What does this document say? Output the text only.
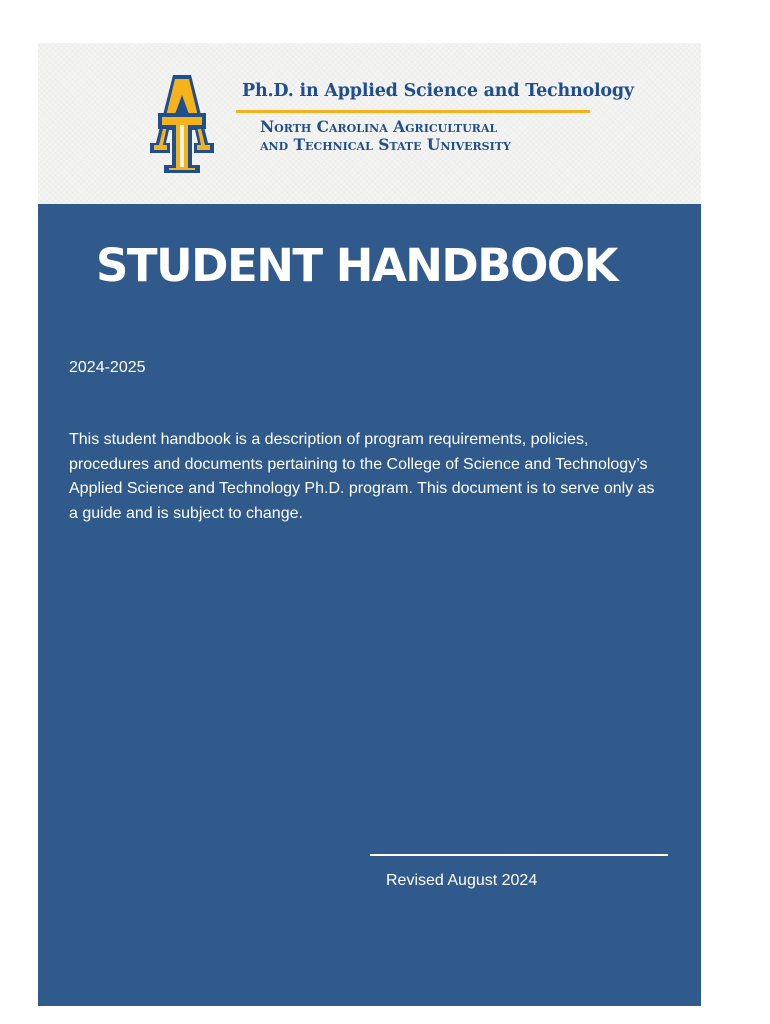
Ph.D. in Applied Science and Technology
North Carolina Agricultural
and Technical State University
STUDENT HANDBOOK
2024-2025
This student handbook is a description of program requirements, policies, procedures and documents pertaining to the College of Science and Technology’s Applied Science and Technology Ph.D. program. This document is to serve only as a guide and is subject to change.
Revised August 2024
